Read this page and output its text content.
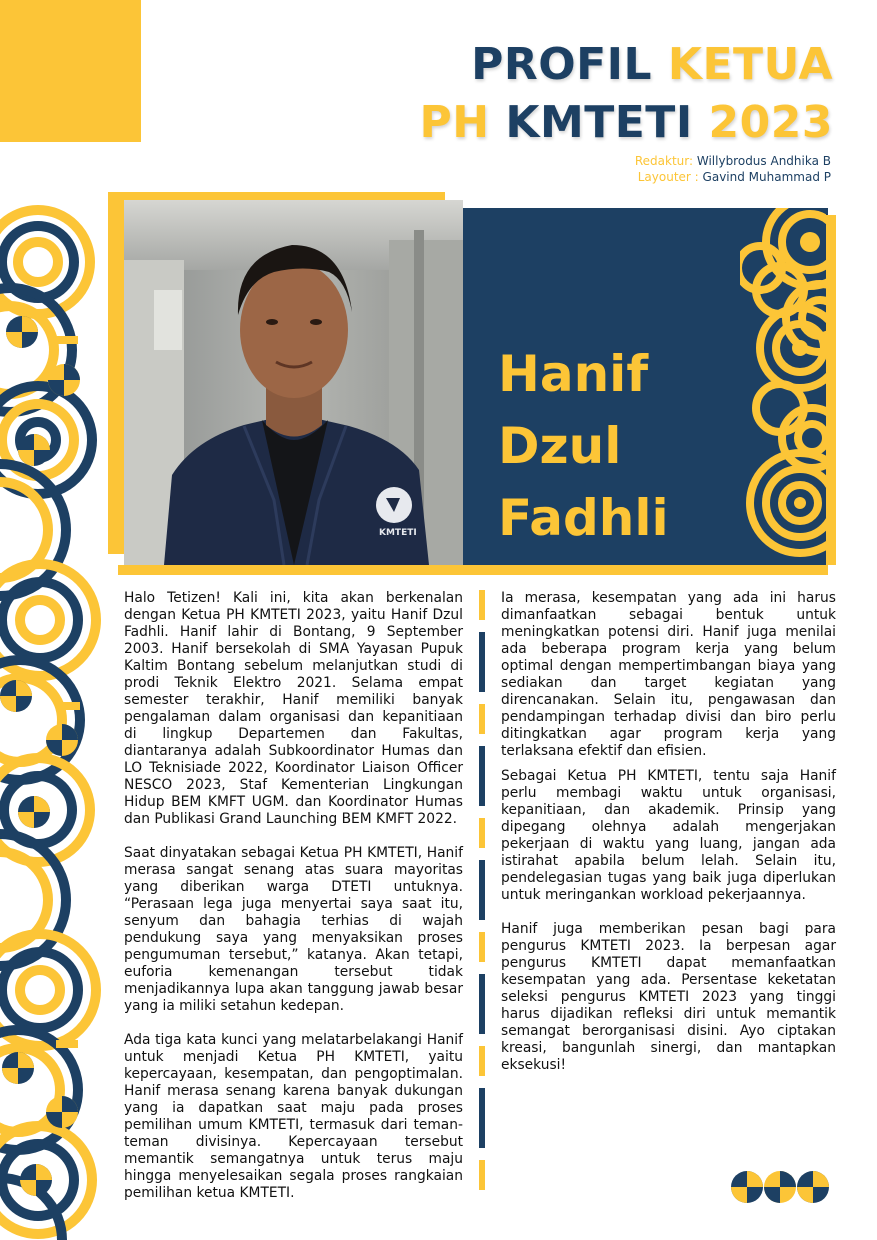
PROFIL KETUA
PH KMTETI 2023
Redaktur: Willybrodus Andhika B
Layouter : Gavind Muhammad P
KMTETI
Hanif
Dzul
Fadhli

Halo Tetizen! Kali ini, kita akan berkenalan dengan Ketua PH KMTETI 2023, yaitu Hanif Dzul Fadhli. Hanif lahir di Bontang, 9 September 2003. Hanif bersekolah di SMA Yayasan Pupuk Kaltim Bontang sebelum melanjutkan studi di prodi Teknik Elektro 2021. Selama empat semester terakhir, Hanif memiliki banyak pengalaman dalam organisasi dan kepanitiaan di lingkup Departemen dan Fakultas, diantaranya adalah Subkoordinator Humas dan LO Teknisiade 2022, Koordinator Liaison Officer NESCO 2023, Staf Kementerian Lingkungan Hidup BEM KMFT UGM. dan Koordinator Humas dan Publikasi Grand Launching BEM KMFT 2022.

Saat dinyatakan sebagai Ketua PH KMTETI, Hanif merasa sangat senang atas suara mayoritas yang diberikan warga DTETI untuknya. “Perasaan lega juga menyertai saya saat itu, senyum dan bahagia terhias di wajah pendukung saya yang menyaksikan proses pengumuman tersebut,” katanya. Akan tetapi, euforia kemenangan tersebut tidak menjadikannya lupa akan tanggung jawab besar yang ia miliki setahun kedepan.

Ada tiga kata kunci yang melatarbelakangi Hanif untuk menjadi Ketua PH KMTETI, yaitu kepercayaan, kesempatan, dan pengoptimalan. Hanif merasa senang karena banyak dukungan yang ia dapatkan saat maju pada proses pemilihan umum KMTETI, termasuk dari teman-teman divisinya. Kepercayaan tersebut memantik semangatnya untuk terus maju hingga menyelesaikan segala proses rangkaian pemilihan ketua KMTETI.

Ia merasa, kesempatan yang ada ini harus dimanfaatkan sebagai bentuk untuk meningkatkan potensi diri. Hanif juga menilai ada beberapa program kerja yang belum optimal dengan mempertimbangan biaya yang sediakan dan target kegiatan yang direncanakan. Selain itu, pengawasan dan pendampingan terhadap divisi dan biro perlu ditingkatkan agar program kerja yang terlaksana efektif dan efisien.

Sebagai Ketua PH KMTETI, tentu saja Hanif perlu membagi waktu untuk organisasi, kepanitiaan, dan akademik. Prinsip yang dipegang olehnya adalah mengerjakan pekerjaan di waktu yang luang, jangan ada istirahat apabila belum lelah. Selain itu, pendelegasian tugas yang baik juga diperlukan untuk meringankan workload pekerjaannya.

Hanif juga memberikan pesan bagi para pengurus KMTETI 2023. Ia berpesan agar pengurus KMTETI dapat memanfaatkan kesempatan yang ada. Persentase keketatan seleksi pengurus KMTETI 2023 yang tinggi harus dijadikan refleksi diri untuk memantik semangat berorganisasi disini. Ayo ciptakan kreasi, bangunlah sinergi, dan mantapkan eksekusi!
